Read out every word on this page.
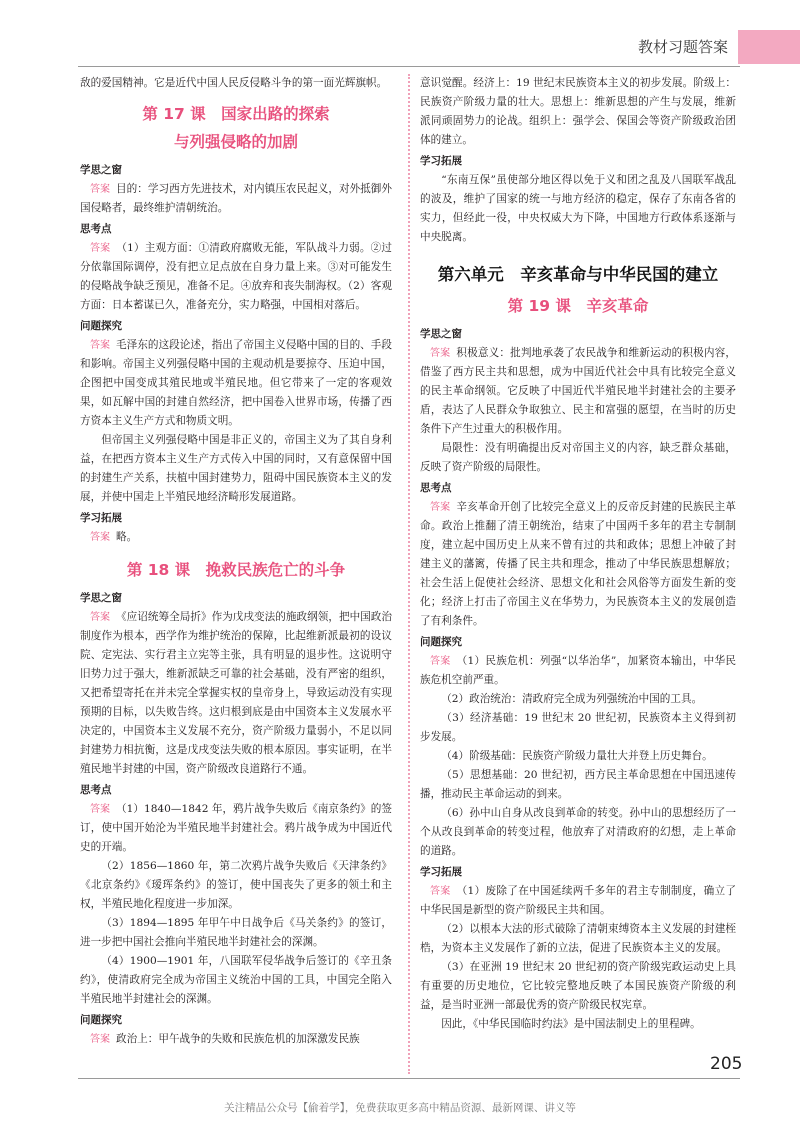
教材习题答案

敌的爱国精神。它是近代中国人民反侵略斗争的第一面光辉旗帜。

第 17 课　国家出路的探索
与列强侵略的加剧
学思之窗

答案 目的：学习西方先进技术，对内镇压农民起义，对外抵御外国侵略者，最终维护清朝统治。

思考点

答案 （1）主观方面：①清政府腐败无能，军队战斗力弱。②过分依靠国际调停，没有把立足点放在自身力量上来。③对可能发生的侵略战争缺乏预见，准备不足。④放弃和丧失制海权。（2）客观方面：日本蓄谋已久，准备充分，实力略强，中国相对落后。

问题探究

答案 毛泽东的这段论述，指出了帝国主义侵略中国的目的、手段和影响。帝国主义列强侵略中国的主观动机是要掠夺、压迫中国，企图把中国变成其殖民地或半殖民地。但它带来了一定的客观效果，如瓦解中国的封建自然经济，把中国卷入世界市场，传播了西方资本主义生产方式和物质文明。

但帝国主义列强侵略中国是非正义的，帝国主义为了其自身利益，在把西方资本主义生产方式传入中国的同时，又有意保留中国的封建生产关系，扶植中国封建势力，阻碍中国民族资本主义的发展，并使中国走上半殖民地经济畸形发展道路。

学习拓展

答案 略。

第 18 课　挽救民族危亡的斗争
学思之窗

答案 《应诏统筹全局折》作为戊戌变法的施政纲领，把中国政治制度作为根本，西学作为维护统治的保障，比起维新派最初的设议院、定宪法、实行君主立宪等主张，具有明显的退步性。这说明守旧势力过于强大，维新派缺乏可靠的社会基础，没有严密的组织，又把希望寄托在并未完全掌握实权的皇帝身上，导致运动没有实现预期的目标，以失败告终。这归根到底是由中国资本主义发展水平决定的，中国资本主义发展不充分，资产阶级力量弱小，不足以同封建势力相抗衡，这是戊戌变法失败的根本原因。事实证明，在半殖民地半封建的中国，资产阶级改良道路行不通。

思考点

答案 （1）1840—1842 年，鸦片战争失败后《南京条约》的签订，使中国开始沦为半殖民地半封建社会。鸦片战争成为中国近代史的开端。

（2）1856—1860 年，第二次鸦片战争失败后《天津条约》《北京条约》《瑷珲条约》的签订，使中国丧失了更多的领土和主权，半殖民地化程度进一步加深。

（3）1894—1895 年甲午中日战争后《马关条约》的签订，进一步把中国社会推向半殖民地半封建社会的深渊。

（4）1900—1901 年，八国联军侵华战争后签订的《辛丑条约》，使清政府完全成为帝国主义统治中国的工具，中国完全陷入半殖民地半封建社会的深渊。

问题探究

答案 政治上：甲午战争的失败和民族危机的加深激发民族

意识觉醒。经济上：19 世纪末民族资本主义的初步发展。阶级上：民族资产阶级力量的壮大。思想上：维新思想的产生与发展，维新派同顽固势力的论战。组织上：强学会、保国会等资产阶级政治团体的建立。

学习拓展

“东南互保”虽使部分地区得以免于义和团之乱及八国联军战乱的波及，维护了国家的统一与地方经济的稳定，保存了东南各省的实力，但经此一役，中央权威大为下降，中国地方行政体系逐渐与中央脱离。

第六单元　辛亥革命与中华民国的建立
第 19 课　辛亥革命
学思之窗

答案 积极意义：批判地承袭了农民战争和维新运动的积极内容，借鉴了西方民主共和思想，成为中国近代社会中具有比较完全意义的民主革命纲领。它反映了中国近代半殖民地半封建社会的主要矛盾，表达了人民群众争取独立、民主和富强的愿望，在当时的历史条件下产生过重大的积极作用。

局限性：没有明确提出反对帝国主义的内容，缺乏群众基础，反映了资产阶级的局限性。

思考点

答案 辛亥革命开创了比较完全意义上的反帝反封建的民族民主革命。政治上推翻了清王朝统治，结束了中国两千多年的君主专制制度，建立起中国历史上从来不曾有过的共和政体；思想上冲破了封建主义的藩篱，传播了民主共和理念，推动了中华民族思想解放；社会生活上促使社会经济、思想文化和社会风俗等方面发生新的变化；经济上打击了帝国主义在华势力，为民族资本主义的发展创造了有利条件。

问题探究

答案 （1）民族危机：列强“以华治华”，加紧资本输出，中华民族危机空前严重。

（2）政治统治：清政府完全成为列强统治中国的工具。

（3）经济基础：19 世纪末 20 世纪初，民族资本主义得到初步发展。

（4）阶级基础：民族资产阶级力量壮大并登上历史舞台。

（5）思想基础：20 世纪初，西方民主革命思想在中国迅速传播，推动民主革命运动的到来。

（6）孙中山自身从改良到革命的转变。孙中山的思想经历了一个从改良到革命的转变过程，他放弃了对清政府的幻想，走上革命的道路。

学习拓展

答案 （1）废除了在中国延续两千多年的君主专制制度，确立了中华民国是新型的资产阶级民主共和国。

（2）以根本大法的形式破除了清朝束缚资本主义发展的封建桎梏，为资本主义发展作了新的立法，促进了民族资本主义的发展。

（3）在亚洲 19 世纪末 20 世纪初的资产阶级宪政运动史上具有重要的历史地位，它比较完整地反映了本国民族资产阶级的利益，是当时亚洲一部最优秀的资产阶级民权宪章。

因此，《中华民国临时约法》是中国法制史上的里程碑。

205
关注精品公众号【偷着学】，免费获取更多高中精品资源、最新网课、讲义等
